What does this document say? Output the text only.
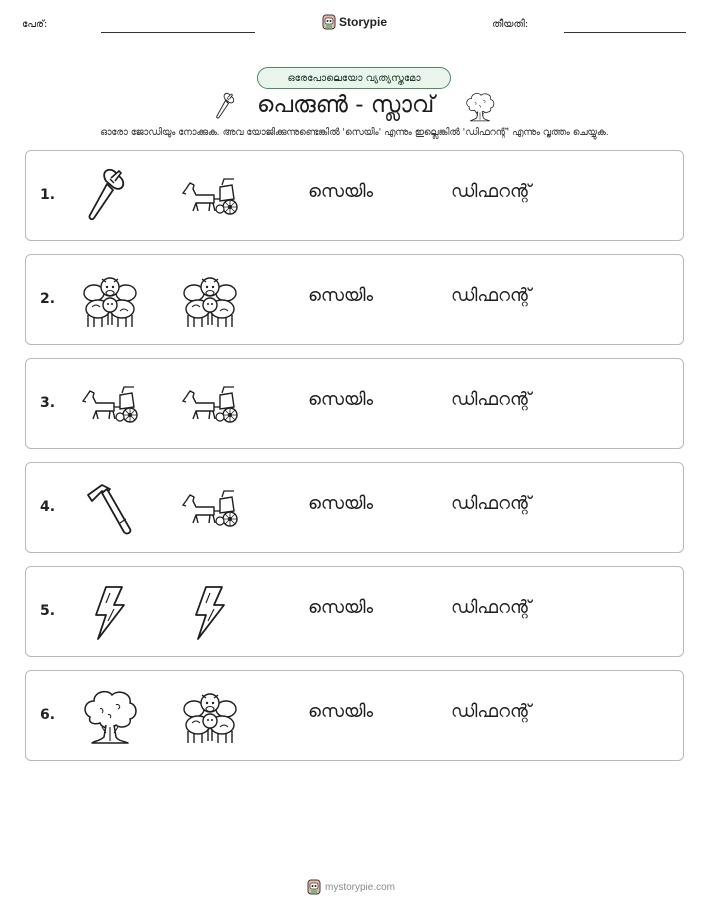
പേര്:	Storypie	തീയതി:
ഒരേപോലെയോ വ്യത്യസ്തമോ
പെരുൺ - സ്ലാവ്
ഓരോ ജോഡിയും നോക്കുക. അവ യോജിക്കുന്നുണ്ടെങ്കിൽ 'സെയിം' എന്നും ഇല്ലെങ്കിൽ 'ഡിഫറന്റ്' എന്നും വൃത്തം ചെയ്യുക.
1.	സെയിം	ഡിഫറന്റ്
2.	സെയിം	ഡിഫറന്റ്
3.	സെയിം	ഡിഫറന്റ്
4.	സെയിം	ഡിഫറന്റ്
5.	സെയിം	ഡിഫറന്റ്
6.	സെയിം	ഡിഫറന്റ്
mystorypie.com
